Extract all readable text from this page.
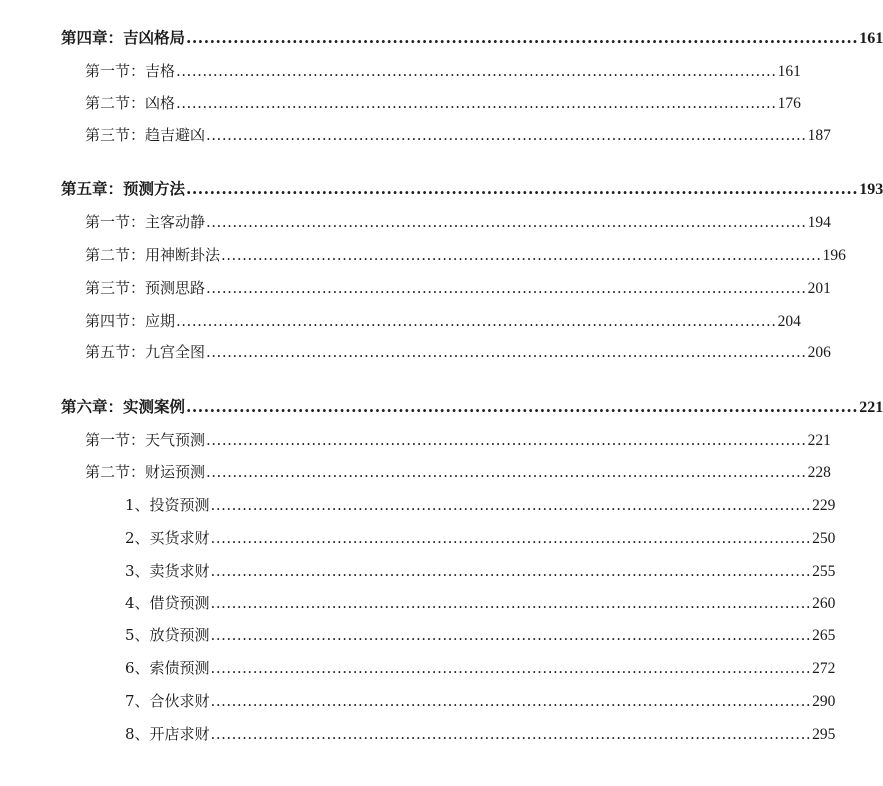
第四章：吉凶格局 .................................................................................................................. 161
第一节：吉格 .................................................................................................................. 161
第二节：凶格 .................................................................................................................. 176
第三节：趋吉避凶 .................................................................................................................. 187
第五章：预测方法 .................................................................................................................. 193
第一节：主客动静 .................................................................................................................. 194
第二节：用神断卦法 .................................................................................................................. 196
第三节：预测思路 .................................................................................................................. 201
第四节：应期 .................................................................................................................. 204
第五节：九宫全图 .................................................................................................................. 206
第六章：实测案例 .................................................................................................................. 221
第一节：天气预测 .................................................................................................................. 221
第二节：财运预测 .................................................................................................................. 228
1、投资预测 .................................................................................................................. 229
2、买货求财 .................................................................................................................. 250
3、卖货求财 .................................................................................................................. 255
4、借贷预测 .................................................................................................................. 260
5、放贷预测 .................................................................................................................. 265
6、索债预测 .................................................................................................................. 272
7、合伙求财 .................................................................................................................. 290
8、开店求财 .................................................................................................................. 295
